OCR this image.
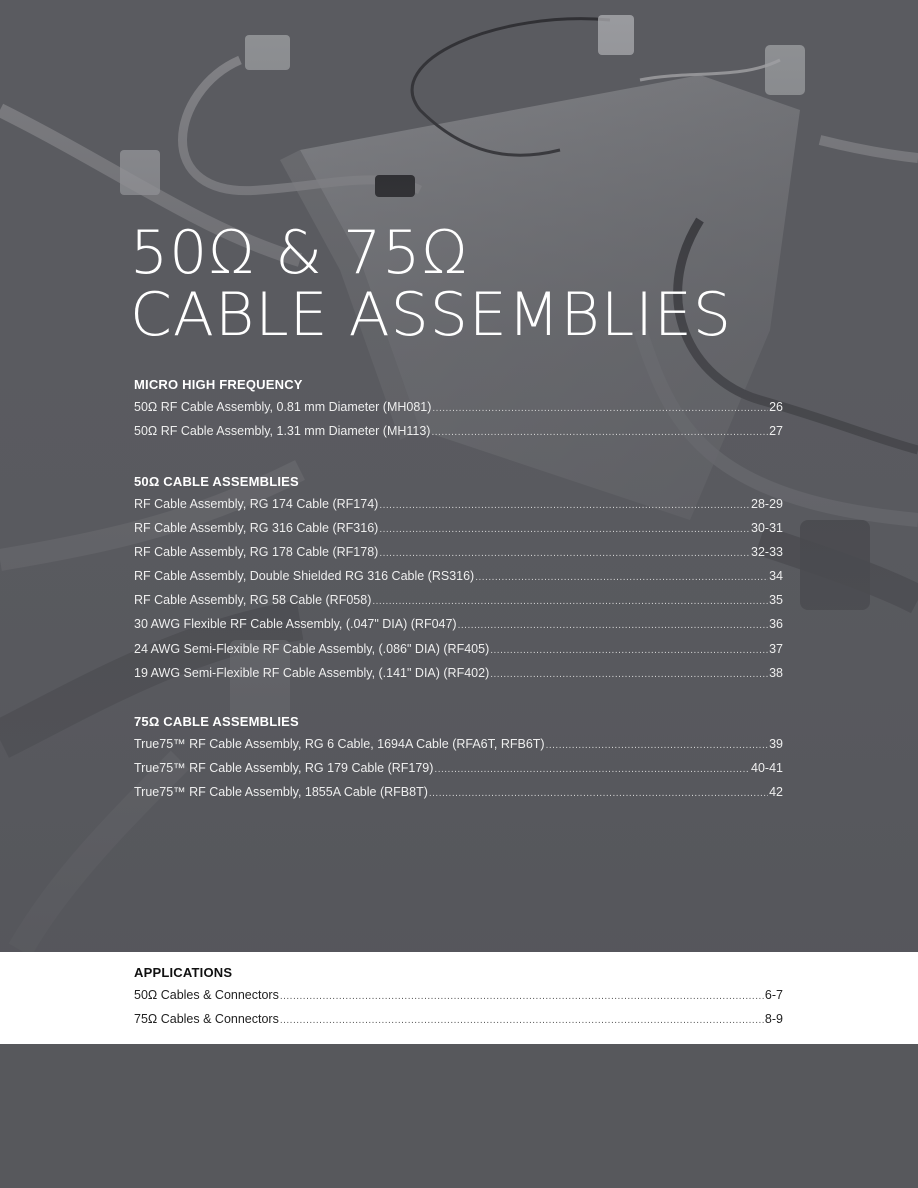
50Ω & 75Ω
CABLE ASSEMBLIES
MICRO HIGH FREQUENCY
50Ω RF Cable Assembly, 0.81 mm Diameter (MH081) .....	26
50Ω RF Cable Assembly, 1.31 mm Diameter (MH113) .....	27
50Ω CABLE ASSEMBLIES
RF Cable Assembly, RG 174 Cable (RF174) .....	28-29
RF Cable Assembly, RG 316 Cable (RF316) .....	30-31
RF Cable Assembly, RG 178 Cable (RF178) .....	32-33
RF Cable Assembly, Double Shielded RG 316 Cable (RS316) .....	34
RF Cable Assembly, RG 58 Cable (RF058) .....	35
30 AWG Flexible RF Cable Assembly, (.047" DIA) (RF047) .....	36
24 AWG Semi-Flexible RF Cable Assembly, (.086" DIA) (RF405) .....	37
19 AWG Semi-Flexible RF Cable Assembly, (.141" DIA) (RF402) .....	38
75Ω CABLE ASSEMBLIES
True75™ RF Cable Assembly, RG 6 Cable, 1694A Cable (RFA6T, RFB6T) .....	39
True75™ RF Cable Assembly, RG 179 Cable (RF179) .....	40-41
True75™ RF Cable Assembly, 1855A Cable (RFB8T) .....	42
APPLICATIONS
50Ω Cables & Connectors .....	6-7
75Ω Cables & Connectors .....	8-9
